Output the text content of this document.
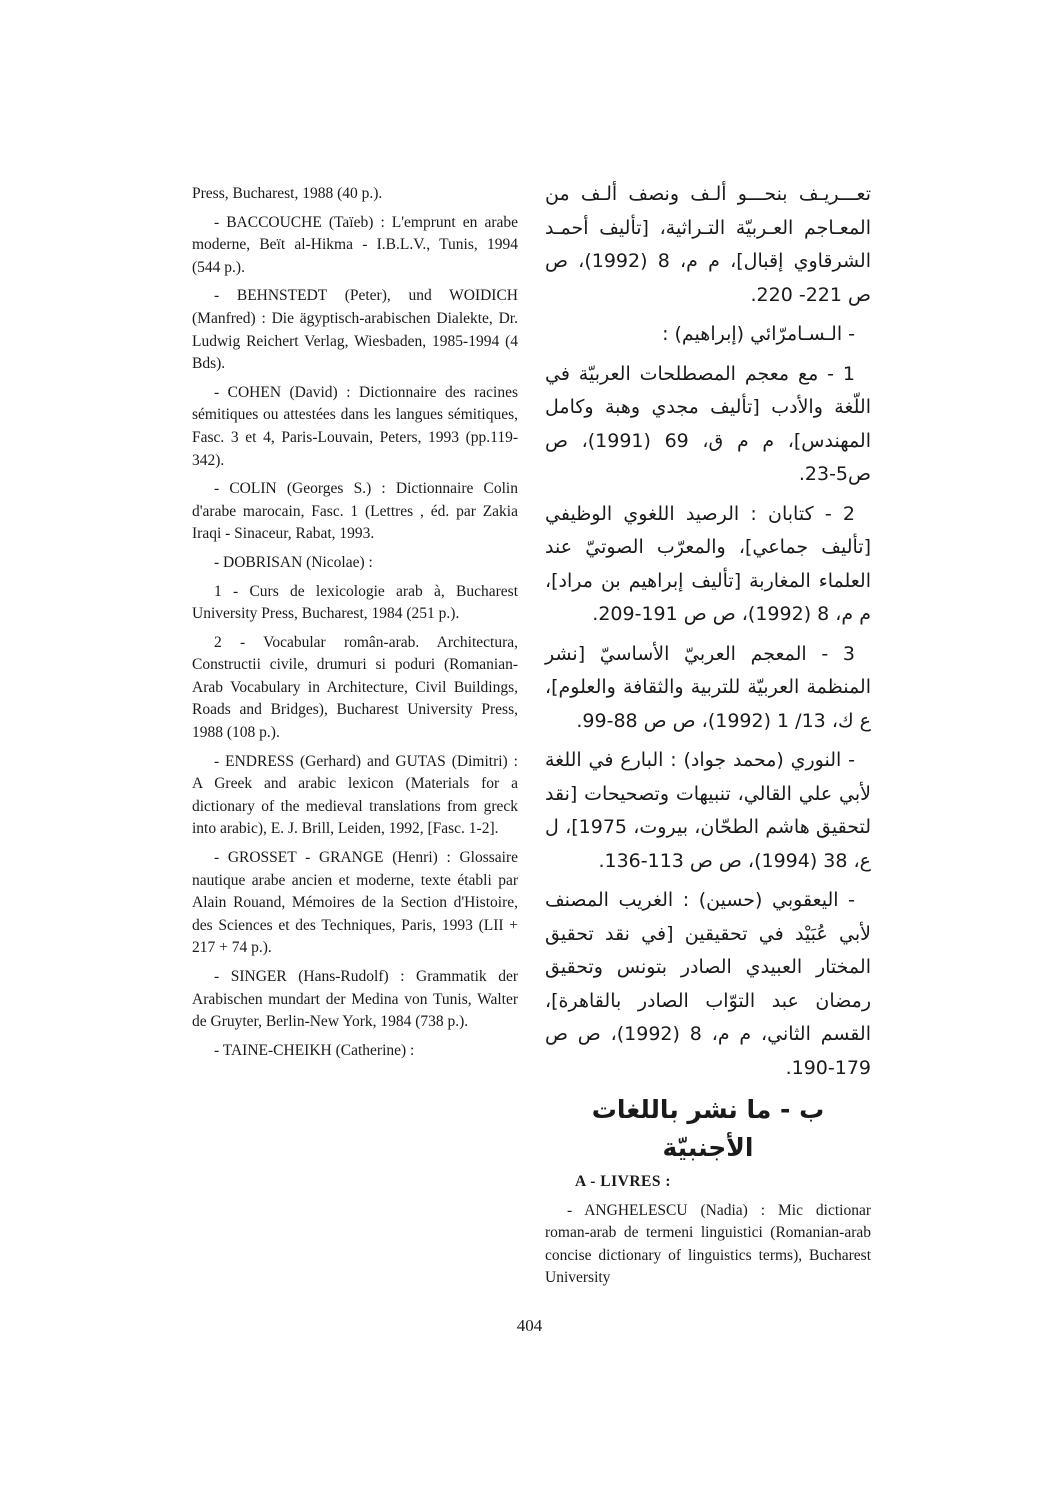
Press, Bucharest, 1988 (40 p.).

- BACCOUCHE (Taïeb) : L'emprunt en arabe moderne, Beït al-Hikma - I.B.L.V., Tunis, 1994 (544 p.).

- BEHNSTEDT (Peter), und WOIDICH (Manfred) : Die ägyptisch-arabischen Dialekte, Dr. Ludwig Reichert Verlag, Wiesbaden, 1985-1994 (4 Bds).

- COHEN (David) : Dictionnaire des racines sémitiques ou attestées dans les langues sémitiques, Fasc. 3 et 4, Paris-Louvain, Peters, 1993 (pp.119-342).

- COLIN (Georges S.) : Dictionnaire Colin d'arabe marocain, Fasc. 1 (Lettres , éd. par Zakia Iraqi - Sinaceur, Rabat, 1993.

- DOBRISAN (Nicolae) :

1 - Curs de lexicologie arab à, Bucharest University Press, Bucharest, 1984 (251 p.).

2 - Vocabular român-arab. Architectura, Constructii civile, drumuri si poduri (Romanian-Arab Vocabulary in Architecture, Civil Buildings, Roads and Bridges), Bucharest University Press, 1988 (108 p.).

- ENDRESS (Gerhard) and GUTAS (Dimitri) : A Greek and arabic lexicon (Materials for a dictionary of the medieval translations from greck into arabic), E. J. Brill, Leiden, 1992, [Fasc. 1-2].

- GROSSET - GRANGE (Henri) : Glossaire nautique arabe ancien et moderne, texte établi par Alain Rouand, Mémoires de la Section d'Histoire, des Sciences et des Techniques, Paris, 1993 (LII + 217 + 74 p.).

- SINGER (Hans-Rudolf) : Grammatik der Arabischen mundart der Medina von Tunis, Walter de Gruyter, Berlin-New York, 1984 (738 p.).

- TAINE-CHEIKH (Catherine) :

تعـــريـف بنحـــو ألـف ونصف ألـف من المعـاجم العـربيّة التـراثية، [تأليف أحمـد الشرقاوي إقبال]، م م، 8 (1992)، ص ص 221- 220.

- الـسـامرّائي (إبراهيم) :

1 - مع معجم المصطلحات العربيّة في اللّغة والأدب [تأليف مجدي وهبة وكامل المهندس]، م م ق، 69 (1991)، ص ص5-23.

2 - كتابان : الرصيد اللغوي الوظيفي [تأليف جماعي]، والمعرّب الصوتيّ عند العلماء المغاربة [تأليف إبراهيم بن مراد]، م م، 8 (1992)، ص ص 191-209.

3 - المعجم العربيّ الأساسيّ [نشر المنظمة العربيّة للتربية والثقافة والعلوم]، ع ك، 13/ 1 (1992)، ص ص 88-99.

- النوري (محمد جواد) : البارع في اللغة لأبي علي القالي، تنبيهات وتصحيحات [نقد لتحقيق هاشم الطحّان، بيروت، 1975]، ل ع، 38 (1994)، ص ص 113-136.

- اليعقوبي (حسين) : الغريب المصنف لأبي عُبَيْد في تحقيقين [في نقد تحقيق المختار العبيدي الصادر بتونس وتحقيق رمضان عبد التوّاب الصادر بالقاهرة]، القسم الثاني، م م، 8 (1992)، ص ص 179-190.

ب - ما نشر باللغات الأجنبيّة
A - LIVRES :

- ANGHELESCU (Nadia) : Mic dictionar roman-arab de termeni linguistici (Romanian-arab concise dictionary of linguistics terms), Bucharest University

404
